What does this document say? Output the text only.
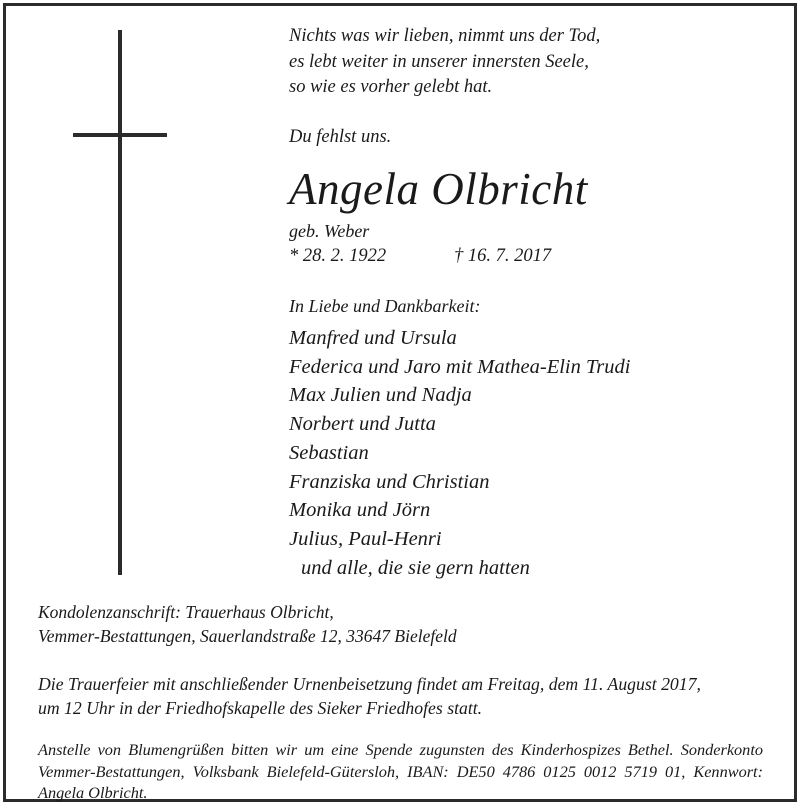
Nichts was wir lieben, nimmt uns der Tod,
es lebt weiter in unserer innersten Seele,
so wie es vorher gelebt hat.
Du fehlst uns.
Angela Olbricht
geb. Weber
* 28. 2. 1922	† 16. 7. 2017
In Liebe und Dankbarkeit:
Manfred und Ursula
Federica und Jaro mit Mathea-Elin Trudi
Max Julien und Nadja
Norbert und Jutta
Sebastian
Franziska und Christian
Monika und Jörn
Julius, Paul-Henri
und alle, die sie gern hatten
Kondolenzanschrift: Trauerhaus Olbricht,
Vemmer-Bestattungen, Sauerlandstraße 12, 33647 Bielefeld
Die Trauerfeier mit anschließender Urnenbeisetzung findet am Freitag, dem 11. August 2017,
um 12 Uhr in der Friedhofskapelle des Sieker Friedhofes statt.

Anstelle von Blumengrüßen bitten wir um eine Spende zugunsten des Kinderhospizes Bethel. Sonderkonto Vemmer-Bestattungen, Volksbank Bielefeld-Gütersloh, IBAN: DE50 4786 0125 0012 5719 01, Kennwort: Angela Olbricht.
